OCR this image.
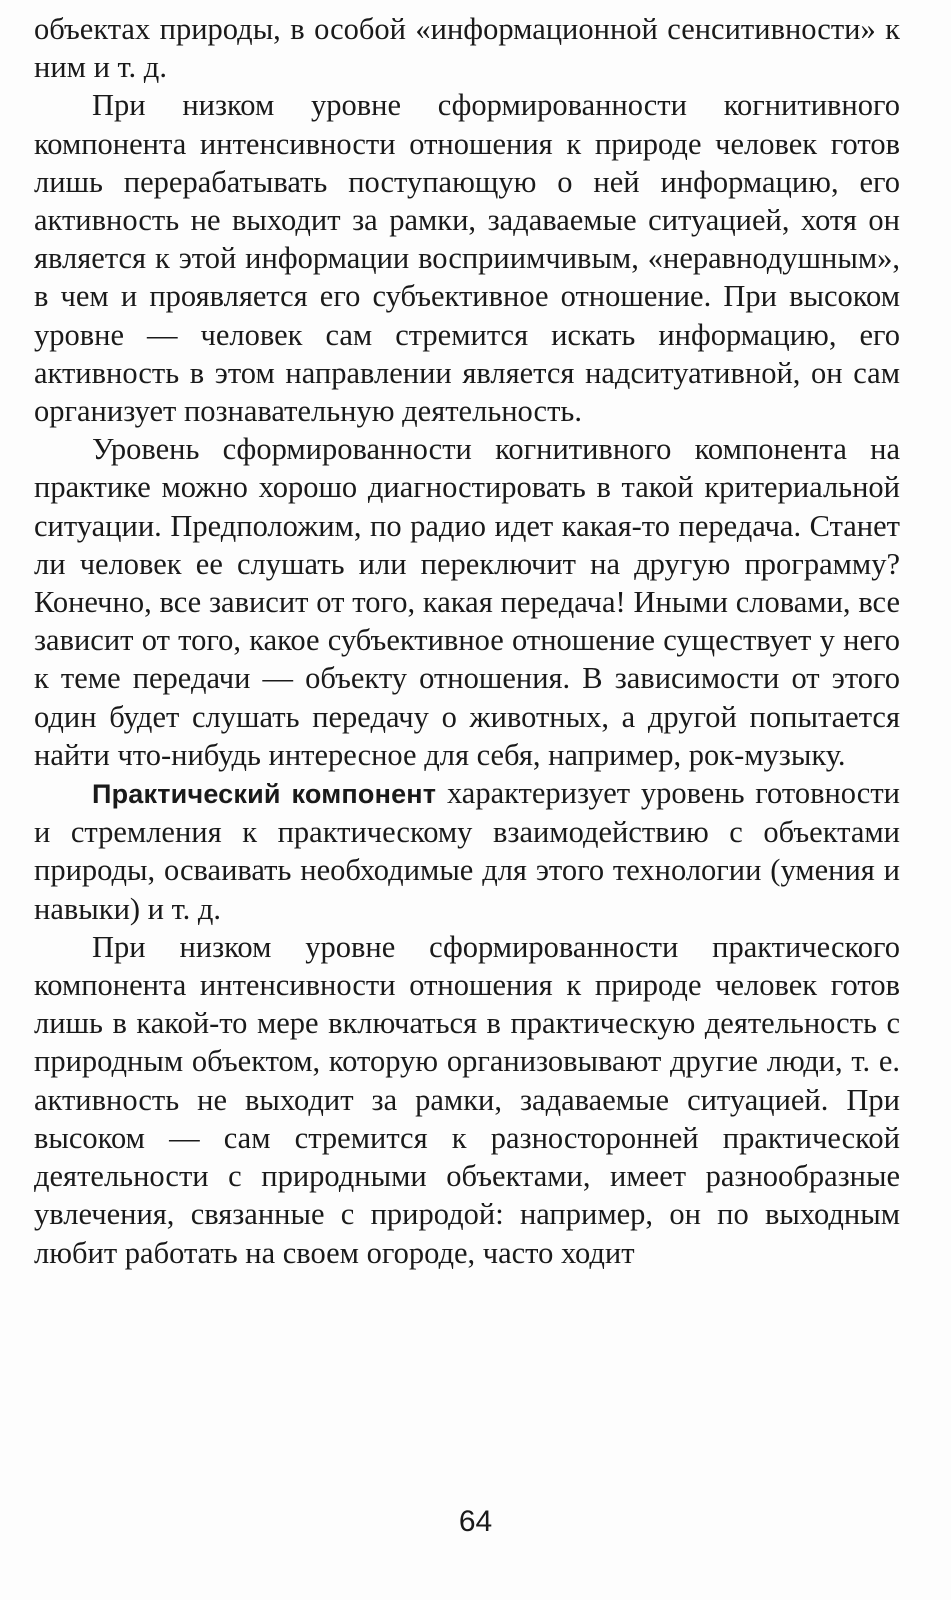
объектах природы, в особой «информационной сенситивности» к ним и т. д.

При низком уровне сформированности когнитивного компонента интенсивности отношения к природе человек готов лишь перерабатывать поступающую о ней информацию, его активность не выходит за рамки, задаваемые ситуацией, хотя он является к этой информации восприимчивым, «неравнодушным», в чем и проявляется его субъективное отношение. При высоком уровне — человек сам стремится искать информацию, его активность в этом направлении является надситуативной, он сам организует познавательную деятельность.

Уровень сформированности когнитивного компонента на практике можно хорошо диагностировать в такой критериальной ситуации. Предположим, по радио идет какая-то передача. Станет ли человек ее слушать или переключит на другую программу? Конечно, все зависит от того, какая передача! Иными словами, все зависит от того, какое субъективное отношение существует у него к теме передачи — объекту отношения. В зависимости от этого один будет слушать передачу о животных, а другой попытается найти что-нибудь интересное для себя, например, рок-музыку.

Практический компонент характеризует уровень готовности и стремления к практическому взаимодействию с объектами природы, осваивать необходимые для этого технологии (умения и навыки) и т. д.

При низком уровне сформированности практического компонента интенсивности отношения к природе человек готов лишь в какой-то мере включаться в практическую деятельность с природным объектом, которую организовывают другие люди, т. е. активность не выходит за рамки, задаваемые ситуацией. При высоком — сам стремится к разносторонней практической деятельности с природными объектами, имеет разнообразные увлечения, связанные с природой: например, он по выходным любит работать на своем огороде, часто ходит

64
